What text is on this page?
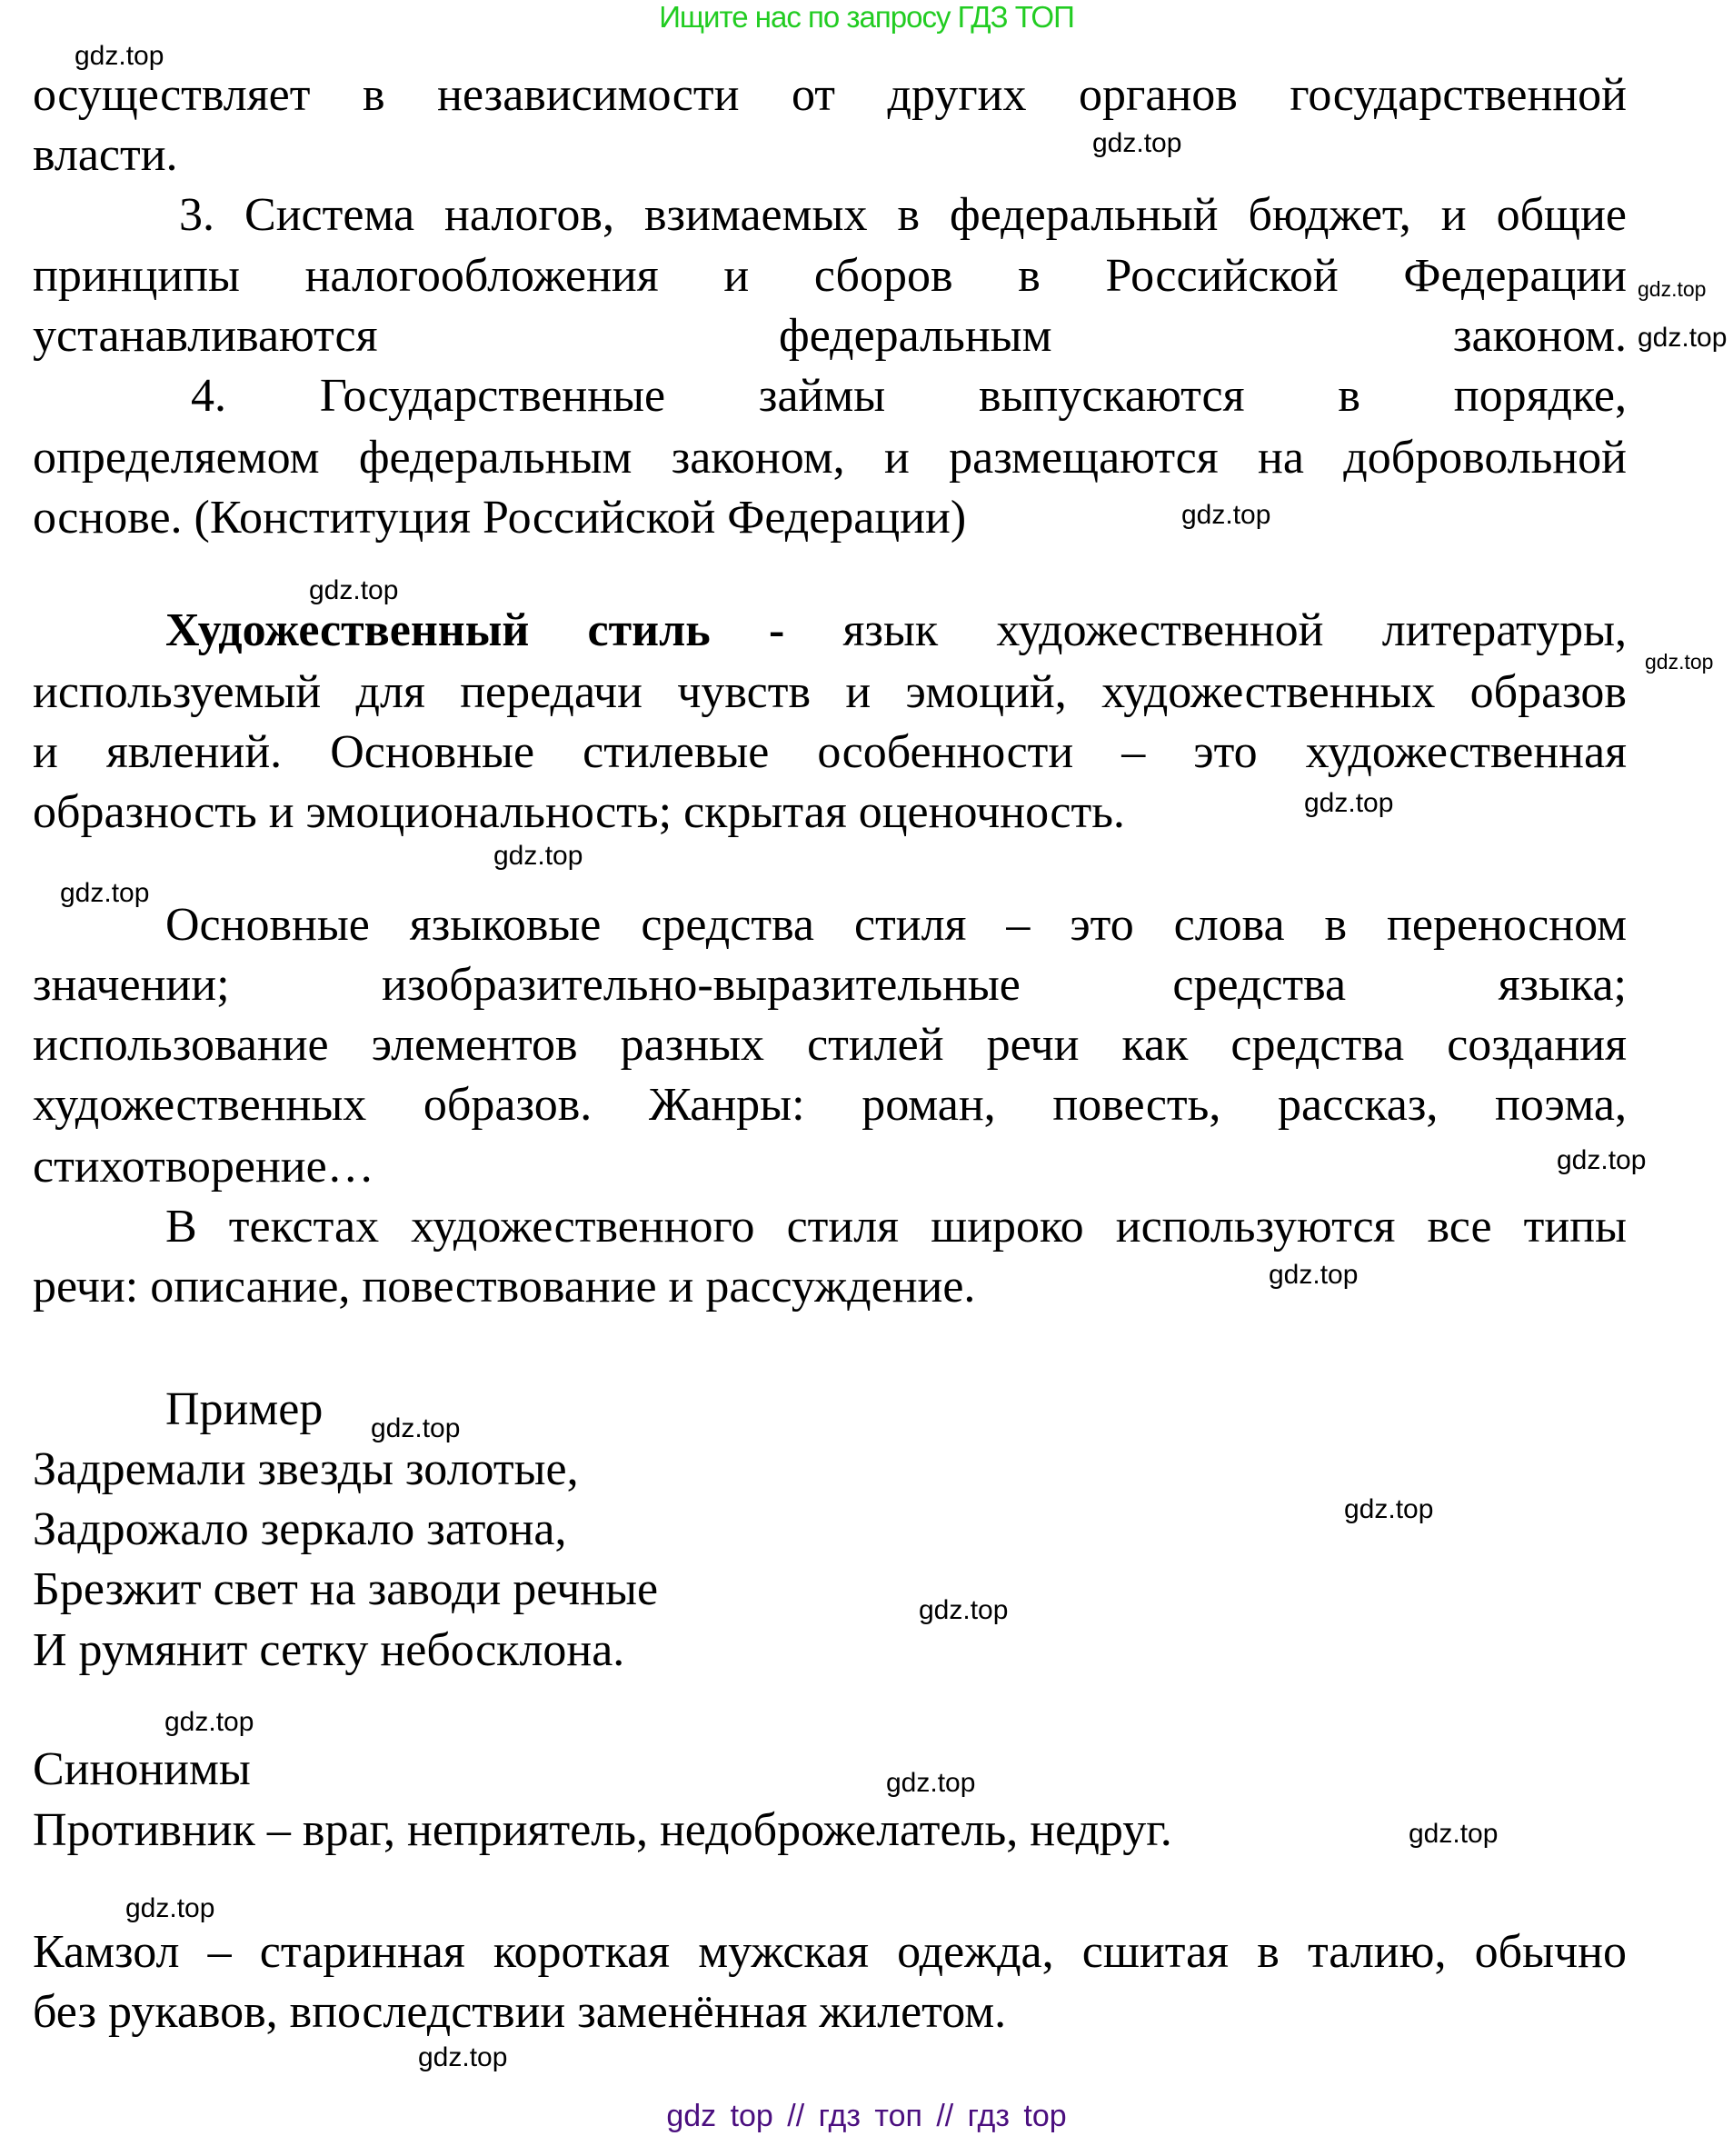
Ищите нас по запросу ГДЗ ТОП
осуществляет в независимости от других органов государственной
власти.
3. Система налогов, взимаемых в федеральный бюджет, и общие
принципы налогообложения и сборов в Российской Федерации
устанавливаются федеральным законом.
4. Государственные займы выпускаются в порядке,
определяемом федеральным законом, и размещаются на добровольной
основе. (Конституция Российской Федерации)
Художественный стиль - язык художественной литературы,
используемый для передачи чувств и эмоций, художественных образов
и явлений. Основные стилевые особенности – это художественная
образность и эмоциональность; скрытая оценочность.
Основные языковые средства стиля – это слова в переносном
значении; изобразительно-выразительные средства языка;
использование элементов разных стилей речи как средства создания
художественных образов. Жанры: роман, повесть, рассказ, поэма,
стихотворение…
В текстах художественного стиля широко используются все типы
речи: описание, повествование и рассуждение.
Пример
Задремали звезды золотые,
Задрожало зеркало затона,
Брезжит свет на заводи речные
И румянит сетку небосклона.
Синонимы
Противник – враг, неприятель, недоброжелатель, недруг.
Камзол – старинная короткая мужская одежда, сшитая в талию, обычно
без рукавов, впоследствии заменённая жилетом.
gdz.top
gdz.top
gdz.top
gdz.top
gdz.top
gdz.top
gdz.top
gdz.top
gdz.top
gdz.top
gdz.top
gdz.top
gdz.top
gdz.top
gdz.top
gdz.top
gdz.top
gdz.top
gdz.top
gdz.top
gdz top // гдз топ // гдз top
